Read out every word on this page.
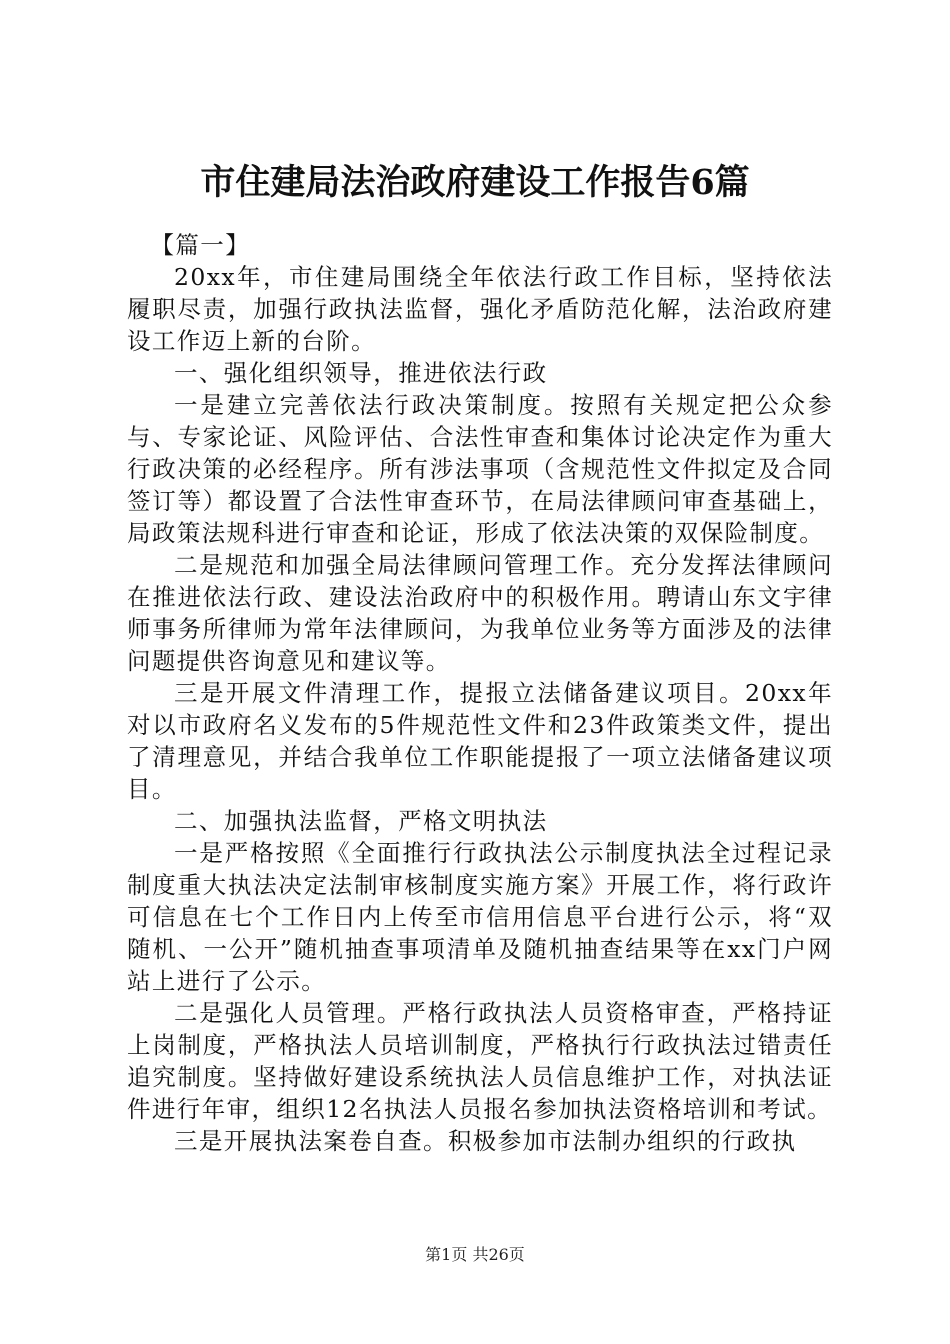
市住建局法治政府建设工作报告6篇

【篇一】

20xx年，市住建局围绕全年依法行政工作目标，坚持依法履职尽责，加强行政执法监督，强化矛盾防范化解，法治政府建设工作迈上新的台阶。

一、强化组织领导，推进依法行政

一是建立完善依法行政决策制度。按照有关规定把公众参与、专家论证、风险评估、合法性审查和集体讨论决定作为重大行政决策的必经程序。所有涉法事项（含规范性文件拟定及合同签订等）都设置了合法性审查环节，在局法律顾问审查基础上，局政策法规科进行审查和论证，形成了依法决策的双保险制度。

二是规范和加强全局法律顾问管理工作。充分发挥法律顾问在推进依法行政、建设法治政府中的积极作用。聘请山东文宇律师事务所律师为常年法律顾问，为我单位业务等方面涉及的法律问题提供咨询意见和建议等。

三是开展文件清理工作，提报立法储备建议项目。20xx年对以市政府名义发布的5件规范性文件和23件政策类文件，提出了清理意见，并结合我单位工作职能提报了一项立法储备建议项目。

二、加强执法监督，严格文明执法

一是严格按照《全面推行行政执法公示制度执法全过程记录制度重大执法决定法制审核制度实施方案》开展工作，将行政许可信息在七个工作日内上传至市信用信息平台进行公示，将“双随机、一公开”随机抽查事项清单及随机抽查结果等在xx门户网站上进行了公示。

二是强化人员管理。严格行政执法人员资格审查，严格持证上岗制度，严格执法人员培训制度，严格执行行政执法过错责任追究制度。坚持做好建设系统执法人员信息维护工作，对执法证件进行年审，组织12名执法人员报名参加执法资格培训和考试。

三是开展执法案卷自查。积极参加市法制办组织的行政执

第1页 共26页
